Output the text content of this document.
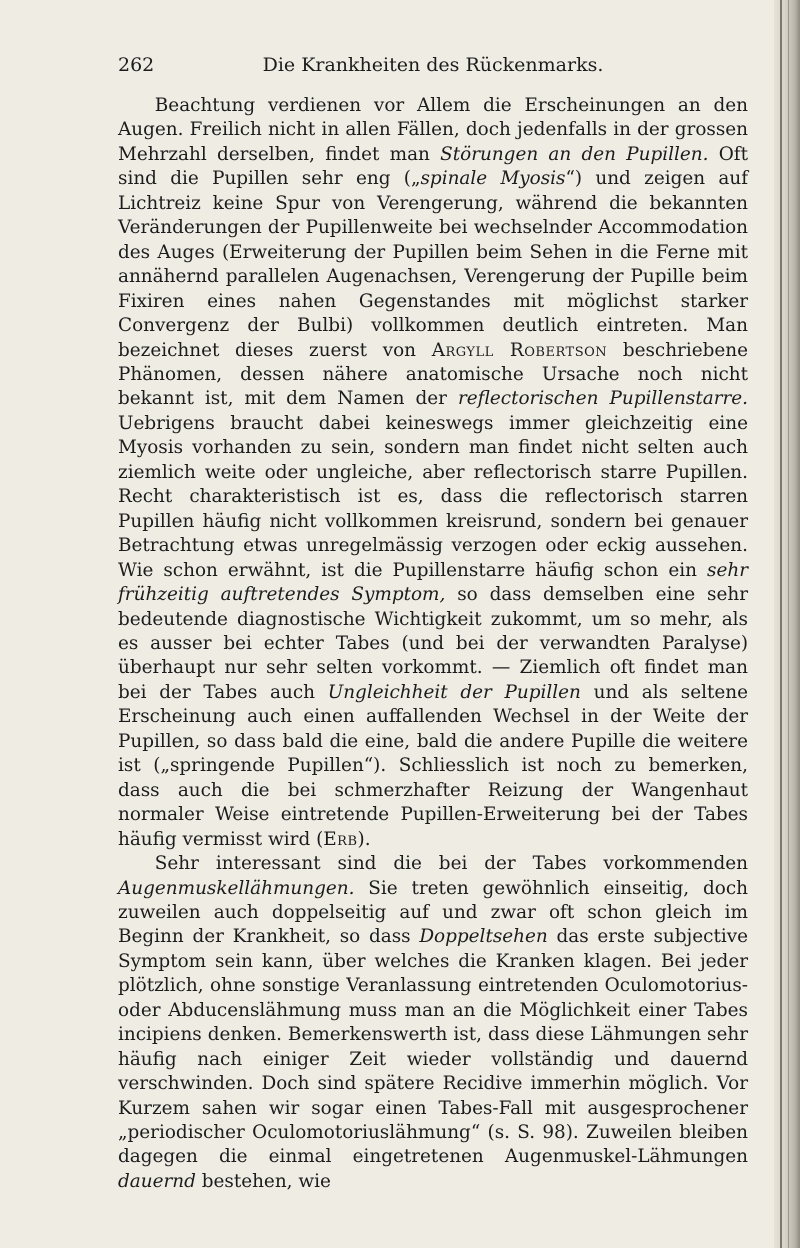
262	Die Krankheiten des Rückenmarks.

Beachtung verdienen vor Allem die Erscheinungen an den Augen. Freilich nicht in allen Fällen, doch jedenfalls in der grossen Mehrzahl derselben, findet man Störungen an den Pupillen. Oft sind die Pupillen sehr eng („spinale Myosis“) und zeigen auf Lichtreiz keine Spur von Verengerung, während die bekannten Veränderungen der Pupillenweite bei wechselnder Accommodation des Auges (Erweiterung der Pupillen beim Sehen in die Ferne mit annähernd parallelen Augenachsen, Verengerung der Pupille beim Fixiren eines nahen Gegenstandes mit möglichst starker Convergenz der Bulbi) vollkommen deutlich eintreten. Man bezeichnet dieses zuerst von Argyll Robertson beschriebene Phänomen, dessen nähere anatomische Ursache noch nicht bekannt ist, mit dem Namen der reflectorischen Pupillenstarre. Uebrigens braucht dabei keineswegs immer gleichzeitig eine Myosis vorhanden zu sein, sondern man findet nicht selten auch ziemlich weite oder ungleiche, aber reflectorisch starre Pupillen. Recht charakteristisch ist es, dass die reflectorisch starren Pupillen häufig nicht vollkommen kreisrund, sondern bei genauer Betrachtung etwas unregelmässig verzogen oder eckig aussehen. Wie schon erwähnt, ist die Pupillenstarre häufig schon ein sehr frühzeitig auftretendes Symptom, so dass demselben eine sehr bedeutende diagnostische Wichtigkeit zukommt, um so mehr, als es ausser bei echter Tabes (und bei der verwandten Paralyse) überhaupt nur sehr selten vorkommt. — Ziemlich oft findet man bei der Tabes auch Ungleichheit der Pupillen und als seltene Erscheinung auch einen auffallenden Wechsel in der Weite der Pupillen, so dass bald die eine, bald die andere Pupille die weitere ist („springende Pupillen“). Schliesslich ist noch zu bemerken, dass auch die bei schmerzhafter Reizung der Wangenhaut normaler Weise eintretende Pupillen-Erweiterung bei der Tabes häufig vermisst wird (Erb).

Sehr interessant sind die bei der Tabes vorkommenden Augenmuskellähmungen. Sie treten gewöhnlich einseitig, doch zuweilen auch doppelseitig auf und zwar oft schon gleich im Beginn der Krankheit, so dass Doppeltsehen das erste subjective Symptom sein kann, über welches die Kranken klagen. Bei jeder plötzlich, ohne sonstige Veranlassung eintretenden Oculomotorius- oder Abducenslähmung muss man an die Möglichkeit einer Tabes incipiens denken. Bemerkenswerth ist, dass diese Lähmungen sehr häufig nach einiger Zeit wieder vollständig und dauernd verschwinden. Doch sind spätere Recidive immerhin möglich. Vor Kurzem sahen wir sogar einen Tabes-Fall mit ausgesprochener „periodischer Oculomotoriuslähmung“ (s. S. 98). Zuweilen bleiben dagegen die einmal eingetretenen Augenmuskel-Lähmungen dauernd bestehen, wie
